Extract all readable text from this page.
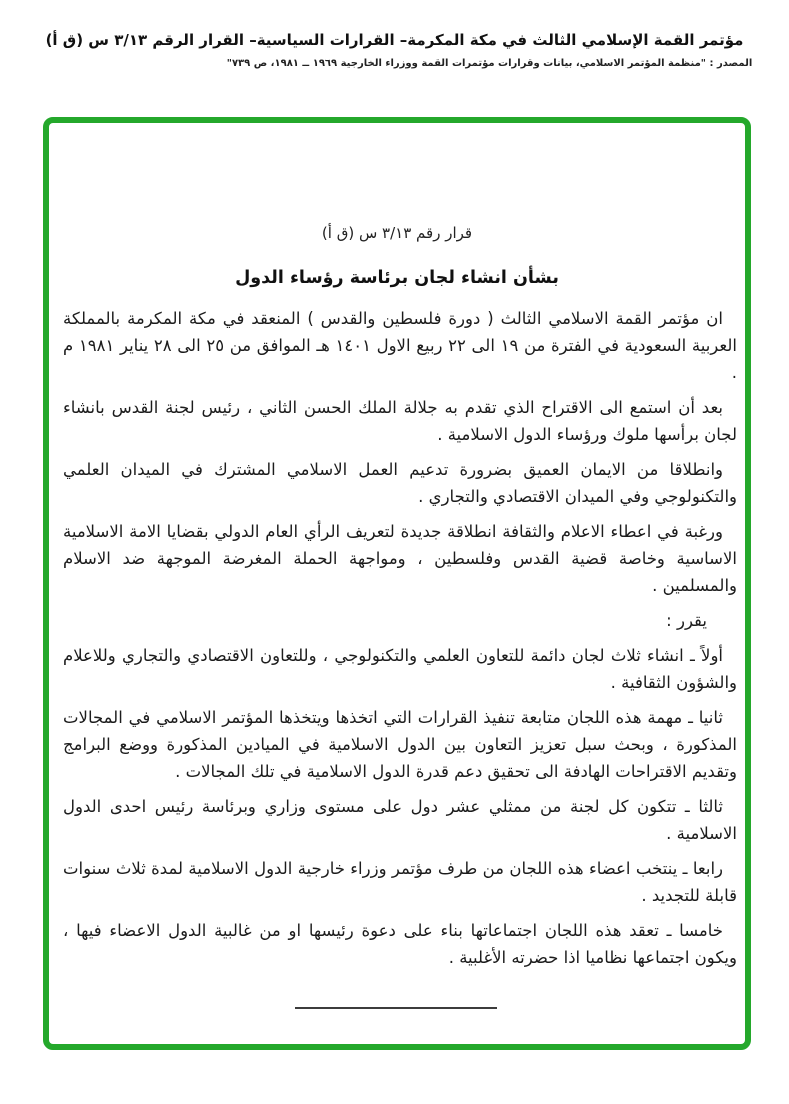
مؤتمر القمة الإسلامي الثالث في مكة المكرمة– القرارات السياسية– القرار الرقم ٣/١٣ س (ق أ)
المصدر : "منظمة المؤتمر الاسلامي، بيانات وقرارات مؤتمرات القمة ووزراء الخارجية ١٩٦٩ ــ ١٩٨١، ص ٧٣٩"
قرار رقم ٣/١٣ س (ق أ)
بشأن انشاء لجان برئاسة رؤساء الدول

ان مؤتمر القمة الاسلامي الثالث ( دورة فلسطين والقدس ) المنعقد في مكة المكرمة بالمملكة العربية السعودية في الفترة من ١٩ الى ٢٢ ربيع الاول ١٤٠١ هـ الموافق من ٢٥ الى ٢٨ يناير ١٩٨١ م .

بعد أن استمع الى الاقتراح الذي تقدم به جلالة الملك الحسن الثاني ، رئيس لجنة القدس بانشاء لجان برأسها ملوك ورؤساء الدول الاسلامية .

وانطلاقا من الايمان العميق بضرورة تدعيم العمل الاسلامي المشترك في الميدان العلمي والتكنولوجي وفي الميدان الاقتصادي والتجاري .

ورغبة في اعطاء الاعلام والثقافة انطلاقة جديدة لتعريف الرأي العام الدولي بقضايا الامة الاسلامية الاساسية وخاصة قضية القدس وفلسطين ، ومواجهة الحملة المغرضة الموجهة ضد الاسلام والمسلمين .

يقرر :

أولاً ـ انشاء ثلاث لجان دائمة للتعاون العلمي والتكنولوجي ، وللتعاون الاقتصادي والتجاري وللاعلام والشؤون الثقافية .

ثانيا ـ مهمة هذه اللجان متابعة تنفيذ القرارات التي اتخذها ويتخذها المؤتمر الاسلامي في المجالات المذكورة ، وبحث سبل تعزيز التعاون بين الدول الاسلامية في الميادين المذكورة ووضع البرامج وتقديم الاقتراحات الهادفة الى تحقيق دعم قدرة الدول الاسلامية في تلك المجالات .

ثالثا ـ تتكون كل لجنة من ممثلي عشر دول على مستوى وزاري وبرئاسة رئيس احدى الدول الاسلامية .

رابعا ـ ينتخب اعضاء هذه اللجان من طرف مؤتمر وزراء خارجية الدول الاسلامية لمدة ثلاث سنوات قابلة للتجديد .

خامسا ـ تعقد هذه اللجان اجتماعاتها بناء على دعوة رئيسها او من غالبية الدول الاعضاء فيها ، ويكون اجتماعها نظاميا اذا حضرته الأغلبية .
